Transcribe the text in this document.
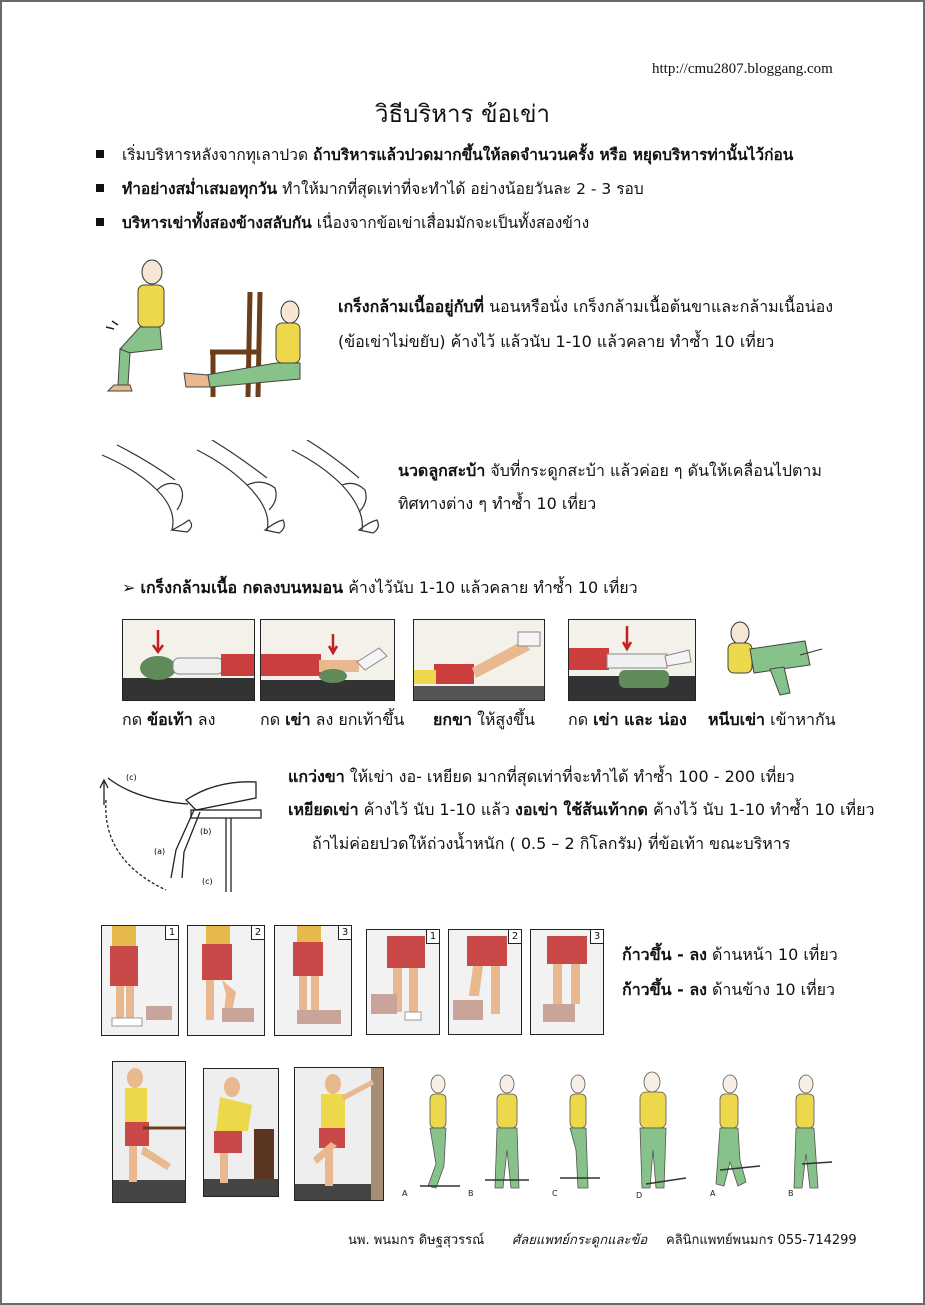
http://cmu2807.bloggang.com
วิธีบริหาร ข้อเข่า
เริ่มบริหารหลังจากทุเลาปวด ถ้าบริหารแล้วปวดมากขึ้นให้ลดจำนวนครั้ง หรือ หยุดบริหารท่านั้นไว้ก่อน
ทำอย่างสม่ำเสมอทุกวัน ทำให้มากที่สุดเท่าที่จะทำได้ อย่างน้อยวันละ 2 - 3 รอบ
บริหารเข่าทั้งสองข้างสลับกัน เนื่องจากข้อเข่าเสื่อมมักจะเป็นทั้งสองข้าง
เกร็งกล้ามเนื้ออยู่กับที่ นอนหรือนั่ง เกร็งกล้ามเนื้อต้นขาและกล้ามเนื้อน่อง
(ข้อเข่าไม่ขยับ) ค้างไว้ แล้วนับ 1-10 แล้วคลาย ทำซ้ำ 10 เที่ยว
นวดลูกสะบ้า จับที่กระดูกสะบ้า แล้วค่อย ๆ ดันให้เคลื่อนไปตาม
ทิศทางต่าง ๆ ทำซ้ำ 10 เที่ยว
➢ เกร็งกล้ามเนื้อ กดลงบนหมอน ค้างไว้นับ 1-10 แล้วคลาย ทำซ้ำ 10 เที่ยว
กด ข้อเท้า ลง	กด เข่า ลง ยกเท้าขึ้น ยกขา ให้สูงขึ้น กด เข่า และ น่อง หนีบเข่า เข้าหากัน
(c)
(b)
(a)
(c)
แกว่งขา ให้เข่า งอ- เหยียด มากที่สุดเท่าที่จะทำได้ ทำซ้ำ 100 - 200 เที่ยว
เหยียดเข่า ค้างไว้ นับ 1-10 แล้ว งอเข่า ใช้ส้นเท้ากด ค้างไว้ นับ 1-10 ทำซ้ำ 10 เที่ยว
ถ้าไม่ค่อยปวดให้ถ่วงน้ำหนัก ( 0.5 – 2 กิโลกรัม) ที่ข้อเท้า ขณะบริหาร
1	2	3	1	2	3
ก้าวขึ้น - ลง ด้านหน้า 10 เที่ยว
ก้าวขึ้น - ลง ด้านข้าง 10 เที่ยว
A	B	C	D	A	B
นพ. พนมกร ดิษฐสุวรรณ์ ศัลยแพทย์กระดูกและข้อ คลินิกแพทย์พนมกร 055-714299
